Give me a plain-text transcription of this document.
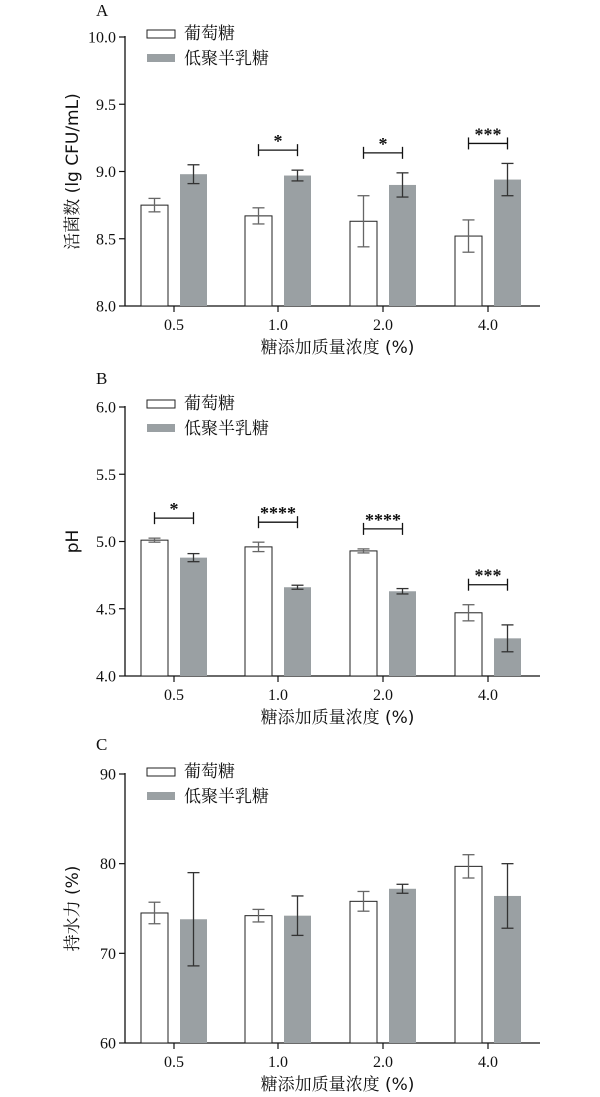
A
8.0
8.5
9.0
9.5
10.0
活菌数 (lg CFU/mL)
0.5	1.0
*
2.0
*
4.0
***
糖添加质量浓度 (%)
葡萄糖
低聚半乳糖
B
4.0
4.5
5.0
5.5
6.0
pH
0.5
*
1.0
****
2.0
****
4.0
***
糖添加质量浓度 (%)
葡萄糖
低聚半乳糖
C
60
70
80
90
持水力 (%)
0.5	1.0	2.0	4.0
糖添加质量浓度 (%)
葡萄糖
低聚半乳糖
